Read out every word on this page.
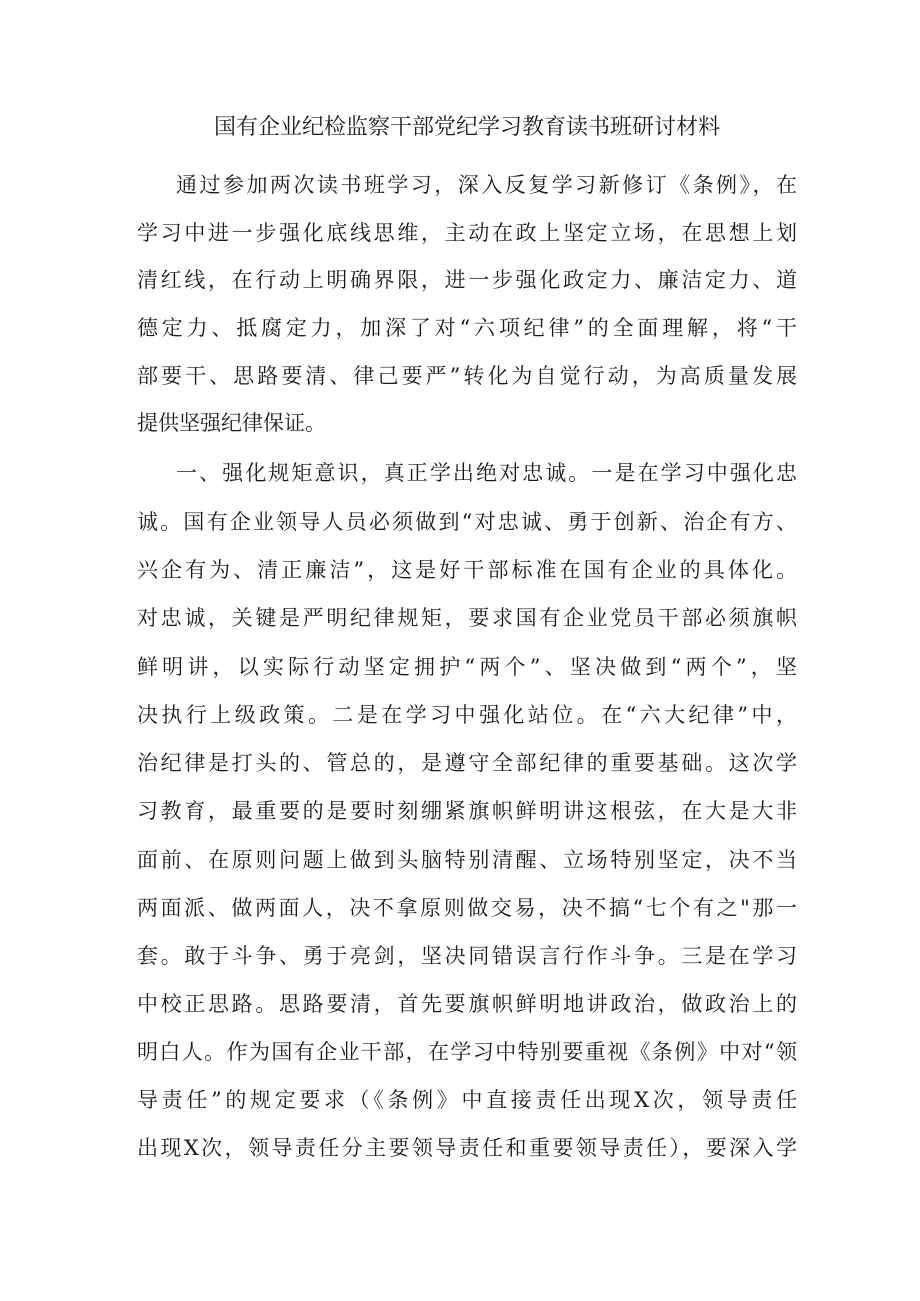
国有企业纪检监察干部党纪学习教育读书班研讨材料
通过参加两次读书班学习，深入反复学习新修订《条例》，在
学习中进一步强化底线思维，主动在政上坚定立场，在思想上划
清红线，在行动上明确界限，进一步强化政定力、廉洁定力、道
德定力、抵腐定力，加深了对“六项纪律”的全面理解，将“干
部要干、思路要清、律己要严”转化为自觉行动，为高质量发展
提供坚强纪律保证。
一、强化规矩意识，真正学出绝对忠诚。一是在学习中强化忠
诚。国有企业领导人员必须做到“对忠诚、勇于创新、治企有方、
兴企有为、清正廉洁”，这是好干部标准在国有企业的具体化。
对忠诚，关键是严明纪律规矩，要求国有企业党员干部必须旗帜
鲜明讲，以实际行动坚定拥护“两个”、坚决做到“两个”，坚
决执行上级政策。二是在学习中强化站位。在“六大纪律”中，
治纪律是打头的、管总的，是遵守全部纪律的重要基础。这次学
习教育，最重要的是要时刻绷紧旗帜鲜明讲这根弦，在大是大非
面前、在原则问题上做到头脑特别清醒、立场特别坚定，决不当
两面派、做两面人，决不拿原则做交易，决不搞“七个有之"那一
套。敢于斗争、勇于亮剑，坚决同错误言行作斗争。三是在学习
中校正思路。思路要清，首先要旗帜鲜明地讲政治，做政治上的
明白人。作为国有企业干部，在学习中特别要重视《条例》中对“领
导责任”的规定要求（《条例》中直接责任出现X次，领导责任
出现X次，领导责任分主要领导责任和重要领导责任），要深入学
